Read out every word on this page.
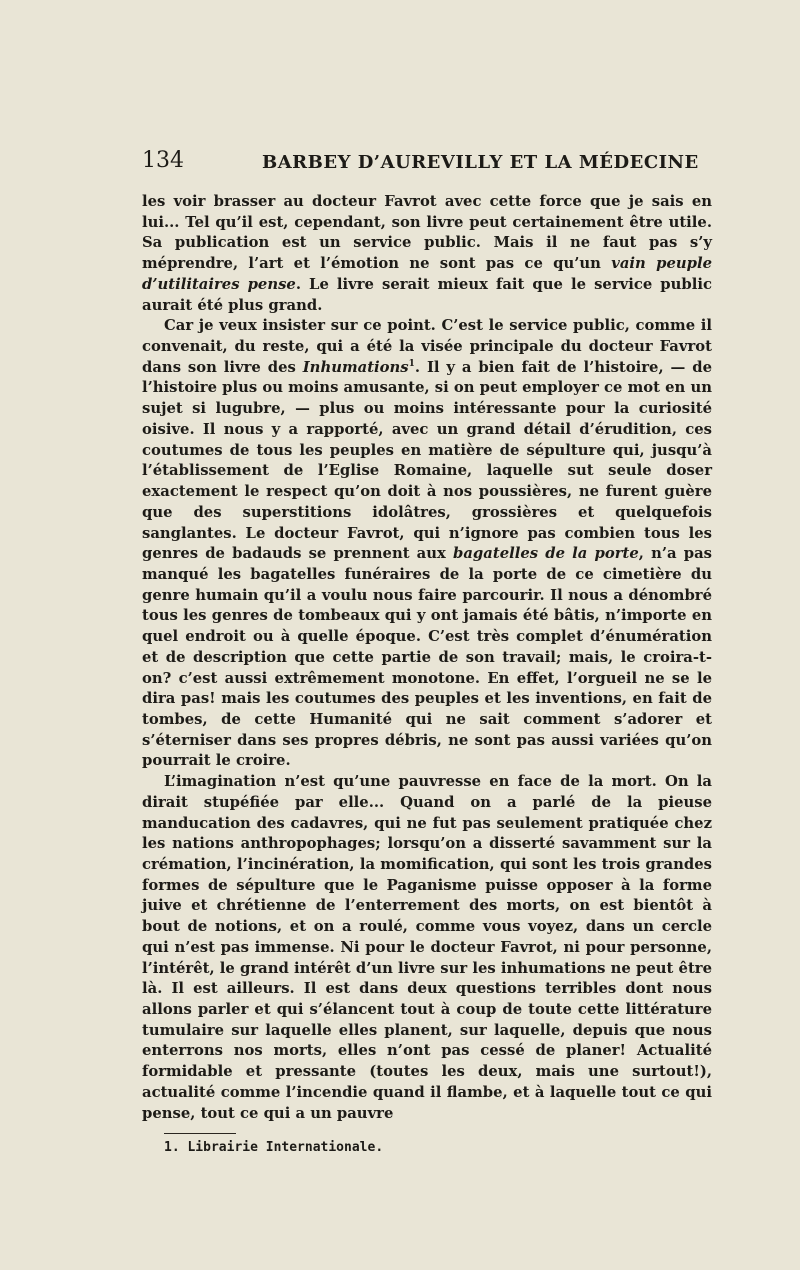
134	BARBEY D’AUREVILLY ET LA MÉDECINE

les voir brasser au docteur Favrot avec cette force que je sais en lui... Tel qu’il est, cependant, son livre peut certainement être utile. Sa publication est un service public. Mais il ne faut pas s’y méprendre, l’art et l’émotion ne sont pas ce qu’un vain peuple d’utilitaires pense. Le livre serait mieux fait que le service public aurait été plus grand.

Car je veux insister sur ce point. C’est le service public, comme il convenait, du reste, qui a été la visée principale du docteur Favrot dans son livre des Inhumations$^1$. Il y a bien fait de l’histoire, — de l’histoire plus ou moins amusante, si on peut employer ce mot en un sujet si lugubre, — plus ou moins intéressante pour la curiosité oisive. Il nous y a rapporté, avec un grand détail d’érudition, ces coutumes de tous les peuples en matière de sépulture qui, jusqu’à l’établissement de l’Eglise Romaine, laquelle sut seule doser exactement le respect qu’on doit à nos poussières, ne furent guère que des superstitions idolâtres, grossières et quelquefois sanglantes. Le docteur Favrot, qui n’ignore pas combien tous les genres de badauds se prennent aux bagatelles de la porte, n’a pas manqué les bagatelles funéraires de la porte de ce cimetière du genre humain qu’il a voulu nous faire parcourir. Il nous a dénombré tous les genres de tombeaux qui y ont jamais été bâtis, n’importe en quel endroit ou à quelle époque. C’est très complet d’énumération et de description que cette partie de son travail; mais, le croira-t-on? c’est aussi extrêmement monotone. En effet, l’orgueil ne se le dira pas! mais les coutumes des peuples et les inventions, en fait de tombes, de cette Humanité qui ne sait comment s’adorer et s’éterniser dans ses propres débris, ne sont pas aussi variées qu’on pourrait le croire.

L’imagination n’est qu’une pauvresse en face de la mort. On la dirait stupéfiée par elle... Quand on a parlé de la pieuse manducation des cadavres, qui ne fut pas seulement pratiquée chez les nations anthropophages; lorsqu’on a disserté savamment sur la crémation, l’incinération, la momification, qui sont les trois grandes formes de sépulture que le Paganisme puisse opposer à la forme juive et chrétienne de l’enterrement des morts, on est bientôt à bout de notions, et on a roulé, comme vous voyez, dans un cercle qui n’est pas immense. Ni pour le docteur Favrot, ni pour personne, l’intérêt, le grand intérêt d’un livre sur les inhumations ne peut être là. Il est ailleurs. Il est dans deux questions terribles dont nous allons parler et qui s’élancent tout à coup de toute cette littérature tumulaire sur laquelle elles planent, sur laquelle, depuis que nous enterrons nos morts, elles n’ont pas cessé de planer! Actualité formidable et pressante (toutes les deux, mais une surtout!), actualité comme l’incendie quand il flambe, et à laquelle tout ce qui pense, tout ce qui a un pauvre

1. Librairie Internationale.
